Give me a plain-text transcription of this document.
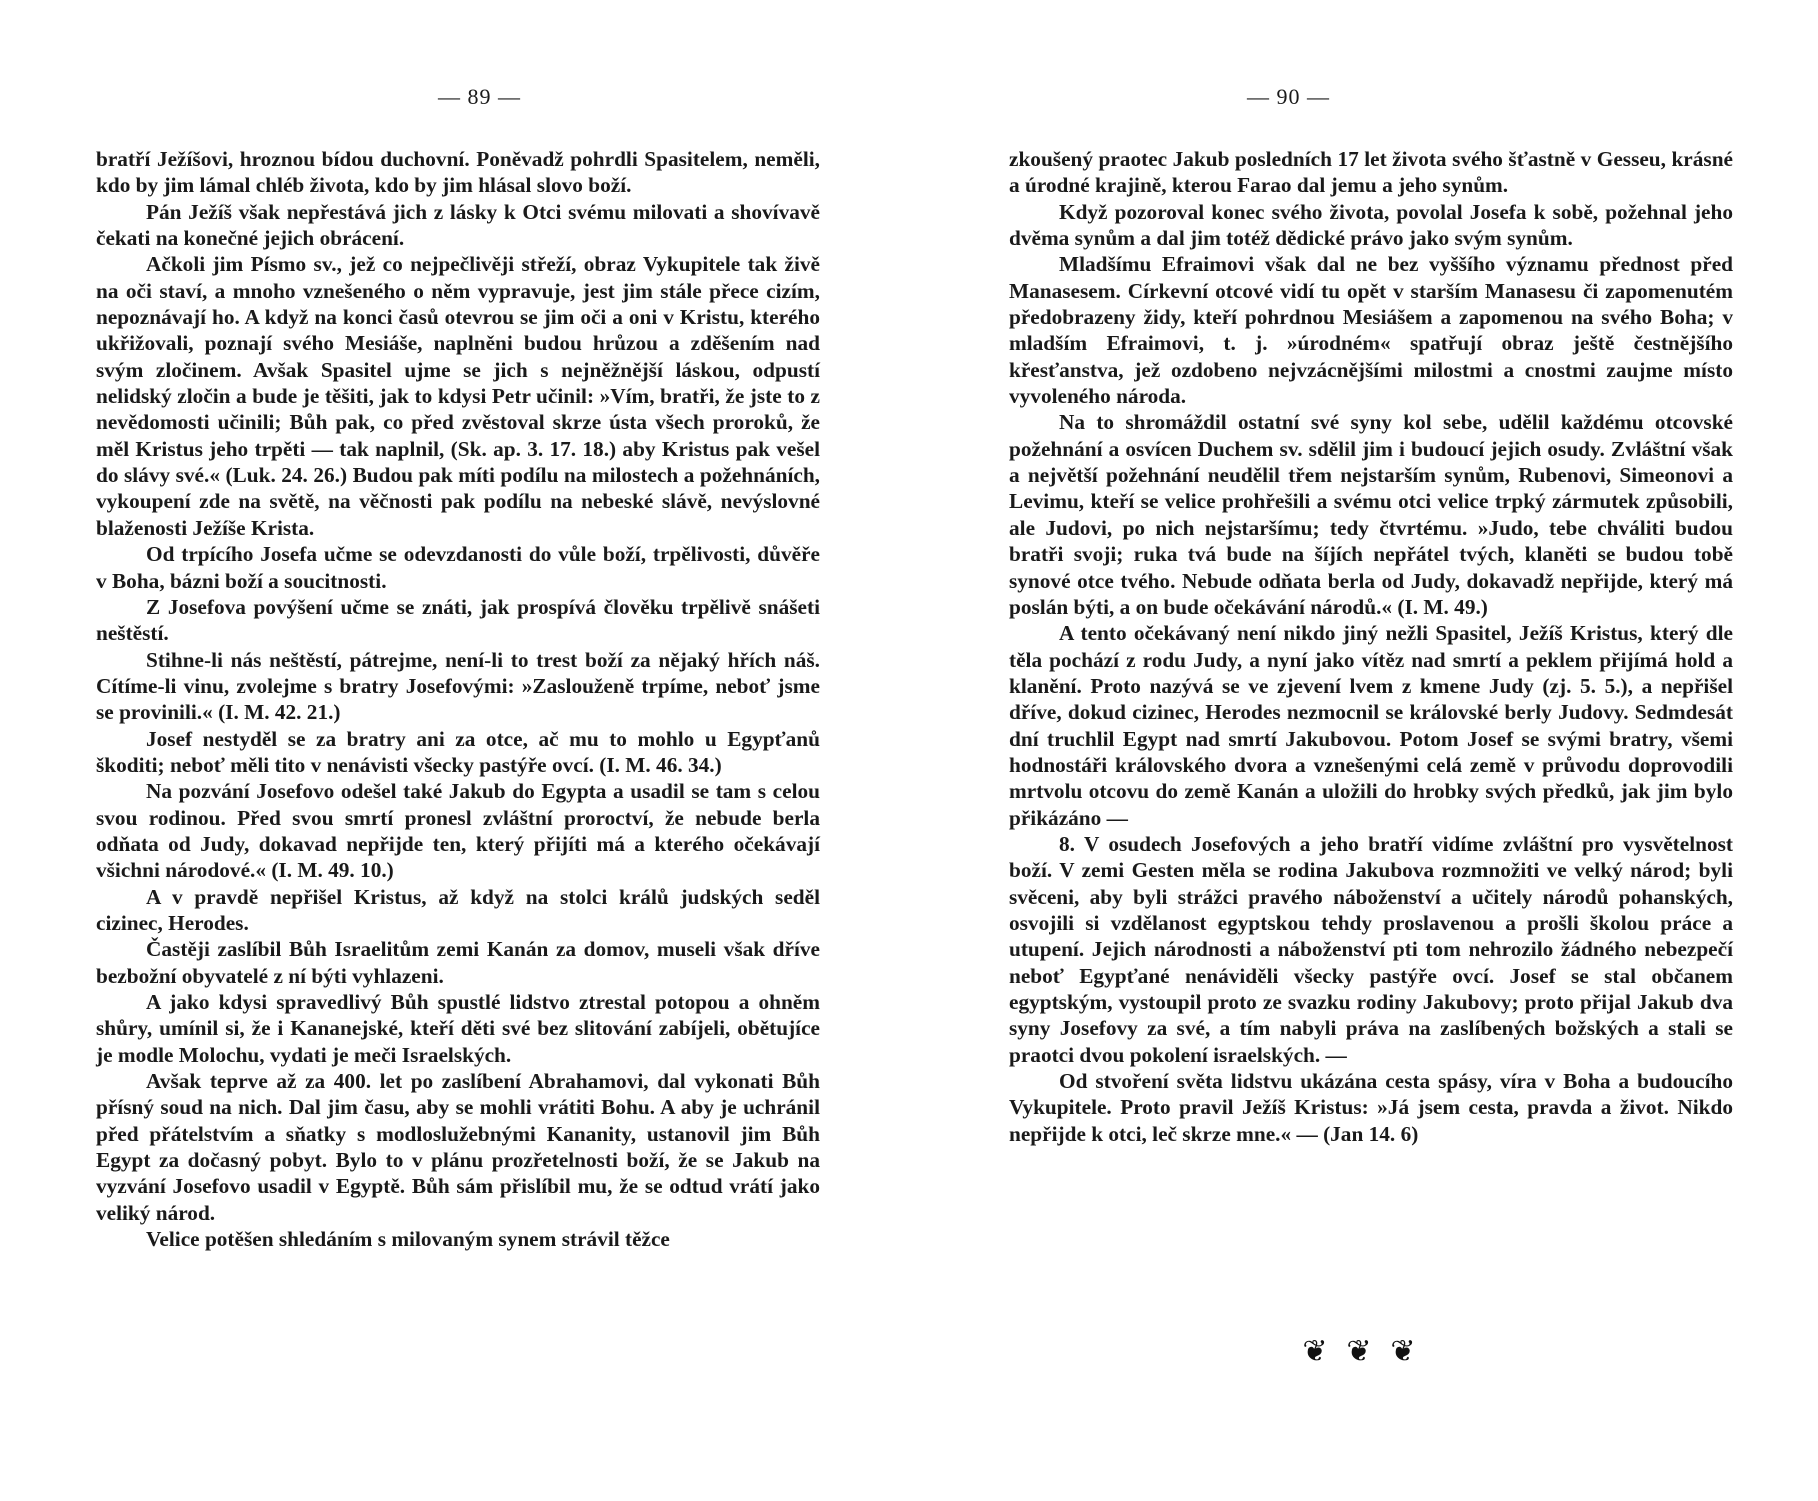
— 89 —

bratří Ježíšovi, hroznou bídou duchovní. Poněvadž pohrdli Spasitelem, neměli, kdo by jim lámal chléb života, kdo by jim hlásal slovo boží.

Pán Ježíš však nepřestává jich z lásky k Otci svému milovati a shovívavě čekati na konečné jejich obrácení.

Ačkoli jim Písmo sv., jež co nejpečlivěji střeží, obraz Vykupitele tak živě na oči staví, a mnoho vznešeného o něm vypravuje, jest jim stále přece cizím, nepoznávají ho. A když na konci časů otevrou se jim oči a oni v Kristu, kterého ukřižovali, poznají svého Mesiáše, naplněni budou hrůzou a zděšením nad svým zločinem. Avšak Spasitel ujme se jich s nejněžnější láskou, odpustí nelidský zločin a bude je těšiti, jak to kdysi Petr učinil: »Vím, bratři, že jste to z nevědomosti učinili; Bůh pak, co před zvěstoval skrze ústa všech proroků, že měl Kristus jeho trpěti — tak naplnil, (Sk. ap. 3. 17. 18.) aby Kristus pak vešel do slávy své.« (Luk. 24. 26.) Budou pak míti podílu na milostech a požehnáních, vykoupení zde na světě, na věčnosti pak podílu na nebeské slávě, nevýslovné blaženosti Ježíše Krista.

Od trpícího Josefa učme se odevzdanosti do vůle boží, trpělivosti, důvěře v Boha, bázni boží a soucitnosti.

Z Josefova povýšení učme se znáti, jak prospívá člověku trpělivě snášeti neštěstí.

Stihne-li nás neštěstí, pátrejme, není-li to trest boží za nějaký hřích náš. Cítíme-li vinu, zvolejme s bratry Josefovými: »Zaslouženě trpíme, neboť jsme se provinili.« (I. M. 42. 21.)

Josef nestyděl se za bratry ani za otce, ač mu to mohlo u Egypťanů škoditi; neboť měli tito v nenávisti všecky pastýře ovcí. (I. M. 46. 34.)

Na pozvání Josefovo odešel také Jakub do Egypta a usadil se tam s celou svou rodinou. Před svou smrtí pronesl zvláštní proroctví, že nebude berla odňata od Judy, dokavad nepřijde ten, který přijíti má a kterého očekávají všichni národové.« (I. M. 49. 10.)

A v pravdě nepřišel Kristus, až když na stolci králů judských seděl cizinec, Herodes.

Častěji zaslíbil Bůh Israelitům zemi Kanán za domov, museli však dříve bezbožní obyvatelé z ní býti vyhlazeni.

A jako kdysi spravedlivý Bůh spustlé lidstvo ztrestal potopou a ohněm shůry, umínil si, že i Kananejské, kteří děti své bez slitování zabíjeli, obětujíce je modle Molochu, vydati je meči Israelských.

Avšak teprve až za 400. let po zaslíbení Abrahamovi, dal vykonati Bůh přísný soud na nich. Dal jim času, aby se mohli vrátiti Bohu. A aby je uchránil před přátelstvím a sňatky s modloslužebnými Kananity, ustanovil jim Bůh Egypt za dočasný pobyt. Bylo to v plánu prozřetelnosti boží, že se Jakub na vyzvání Josefovo usadil v Egyptě. Bůh sám přislíbil mu, že se odtud vrátí jako veliký národ.

Velice potěšen shledáním s milovaným synem strávil těžce

— 90 —

zkoušený praotec Jakub posledních 17 let života svého šťastně v Gesseu, krásné a úrodné krajině, kterou Farao dal jemu a jeho synům.

Když pozoroval konec svého života, povolal Josefa k sobě, požehnal jeho dvěma synům a dal jim totéž dědické právo jako svým synům.

Mladšímu Efraimovi však dal ne bez vyššího významu přednost před Manasesem. Církevní otcové vidí tu opět v starším Manasesu či zapomenutém předobrazeny židy, kteří pohrdnou Mesiášem a zapomenou na svého Boha; v mladším Efraimovi, t. j. »úrodném« spatřují obraz ještě čestnějšího křesťanstva, jež ozdobeno nejvzácnějšími milostmi a cnostmi zaujme místo vyvoleného národa.

Na to shromáždil ostatní své syny kol sebe, udělil každému otcovské požehnání a osvícen Duchem sv. sdělil jim i budoucí jejich osudy. Zvláštní však a největší požehnání neudělil třem nejstarším synům, Rubenovi, Simeonovi a Levimu, kteří se velice prohřešili a svému otci velice trpký zármutek způsobili, ale Judovi, po nich nejstaršímu; tedy čtvrtému. »Judo, tebe chváliti budou bratři svoji; ruka tvá bude na šíjích nepřátel tvých, klaněti se budou tobě synové otce tvého. Nebude odňata berla od Judy, dokavadž nepřijde, který má poslán býti, a on bude očekávání národů.« (I. M. 49.)

A tento očekávaný není nikdo jiný nežli Spasitel, Ježíš Kristus, který dle těla pochází z rodu Judy, a nyní jako vítěz nad smrtí a peklem přijímá hold a klanění. Proto nazývá se ve zjevení lvem z kmene Judy (zj. 5. 5.), a nepřišel dříve, dokud cizinec, Herodes nezmocnil se královské berly Judovy. Sedmdesát dní truchlil Egypt nad smrtí Jakubovou. Potom Josef se svými bratry, všemi hodnostáři královského dvora a vznešenými celá země v průvodu doprovodili mrtvolu otcovu do země Kanán a uložili do hrobky svých předků, jak jim bylo přikázáno —

8. V osudech Josefových a jeho bratří vidíme zvláštní pro vysvětelnost boží. V zemi Gesten měla se rodina Jakubova rozmnožiti ve velký národ; byli svěceni, aby byli strážci pravého náboženství a učitely národů pohanských, osvojili si vzdělanost egyptskou tehdy proslavenou a prošli školou práce a utupení. Jejich národnosti a náboženství pti tom nehrozilo žádného nebezpečí neboť Egypťané nenáviděli všecky pastýře ovcí. Josef se stal občanem egyptským, vystoupil proto ze svazku rodiny Jakubovy; proto přijal Jakub dva syny Josefovy za své, a tím nabyli práva na zaslíbených božských a stali se praotci dvou pokolení israelských. —

Od stvoření světa lidstvu ukázána cesta spásy, víra v Boha a budoucího Vykupitele. Proto pravil Ježíš Kristus: »Já jsem cesta, pravda a život. Nikdo nepřijde k otci, leč skrze mne.« — (Jan 14. 6)

❦ ❦ ❦
